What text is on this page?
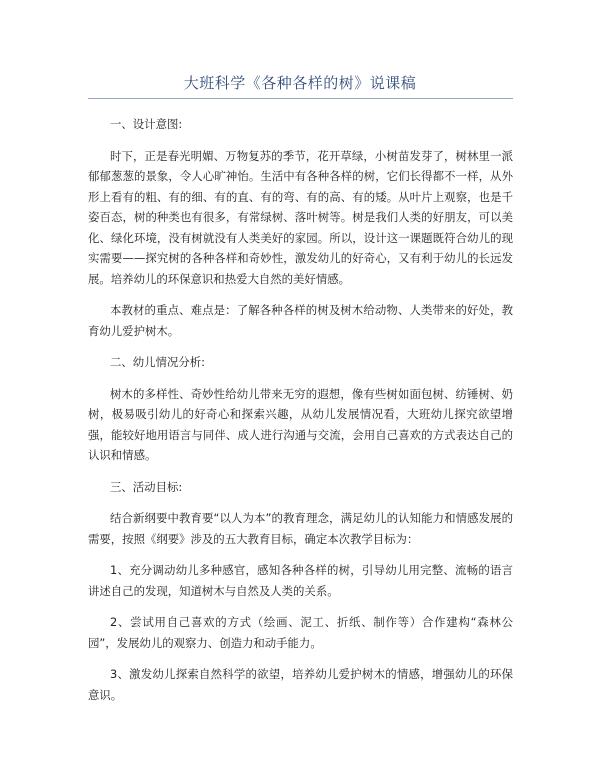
大班科学《各种各样的树》说课稿

一、设计意图:

时下，正是春光明媚、万物复苏的季节，花开草绿，小树苗发芽了，树林里一派郁郁葱葱的景象，令人心旷神怡。生活中有各种各样的树，它们长得都不一样，从外形上看有的粗、有的细、有的直、有的弯、有的高、有的矮。从叶片上观察，也是千姿百态，树的种类也有很多，有常绿树、落叶树等。树是我们人类的好朋友，可以美化、绿化环境，没有树就没有人类美好的家园。所以，设计这一课题既符合幼儿的现实需要——探究树的各种各样和奇妙性，激发幼儿的好奇心，又有利于幼儿的长远发展。培养幼儿的环保意识和热爱大自然的美好情感。

本教材的重点、难点是：了解各种各样的树及树木给动物、人类带来的好处，教育幼儿爱护树木。

二、幼儿情况分析:

树木的多样性、奇妙性给幼儿带来无穷的遐想，像有些树如面包树、纺锤树、奶树，极易吸引幼儿的好奇心和探索兴趣，从幼儿发展情况看，大班幼儿探究欲望增强，能较好地用语言与同伴、成人进行沟通与交流，会用自己喜欢的方式表达自己的认识和情感。

三、活动目标:

结合新纲要中教育要“以人为本”的教育理念，满足幼儿的认知能力和情感发展的需要，按照《纲要》涉及的五大教育目标，确定本次教学目标为：

1、充分调动幼儿多种感官，感知各种各样的树，引导幼儿用完整、流畅的语言讲述自己的发现，知道树木与自然及人类的关系。

2、尝试用自己喜欢的方式（绘画、泥工、折纸、制作等）合作建构“森林公园”，发展幼儿的观察力、创造力和动手能力。

3、激发幼儿探索自然科学的欲望，培养幼儿爱护树木的情感，增强幼儿的环保意识。
